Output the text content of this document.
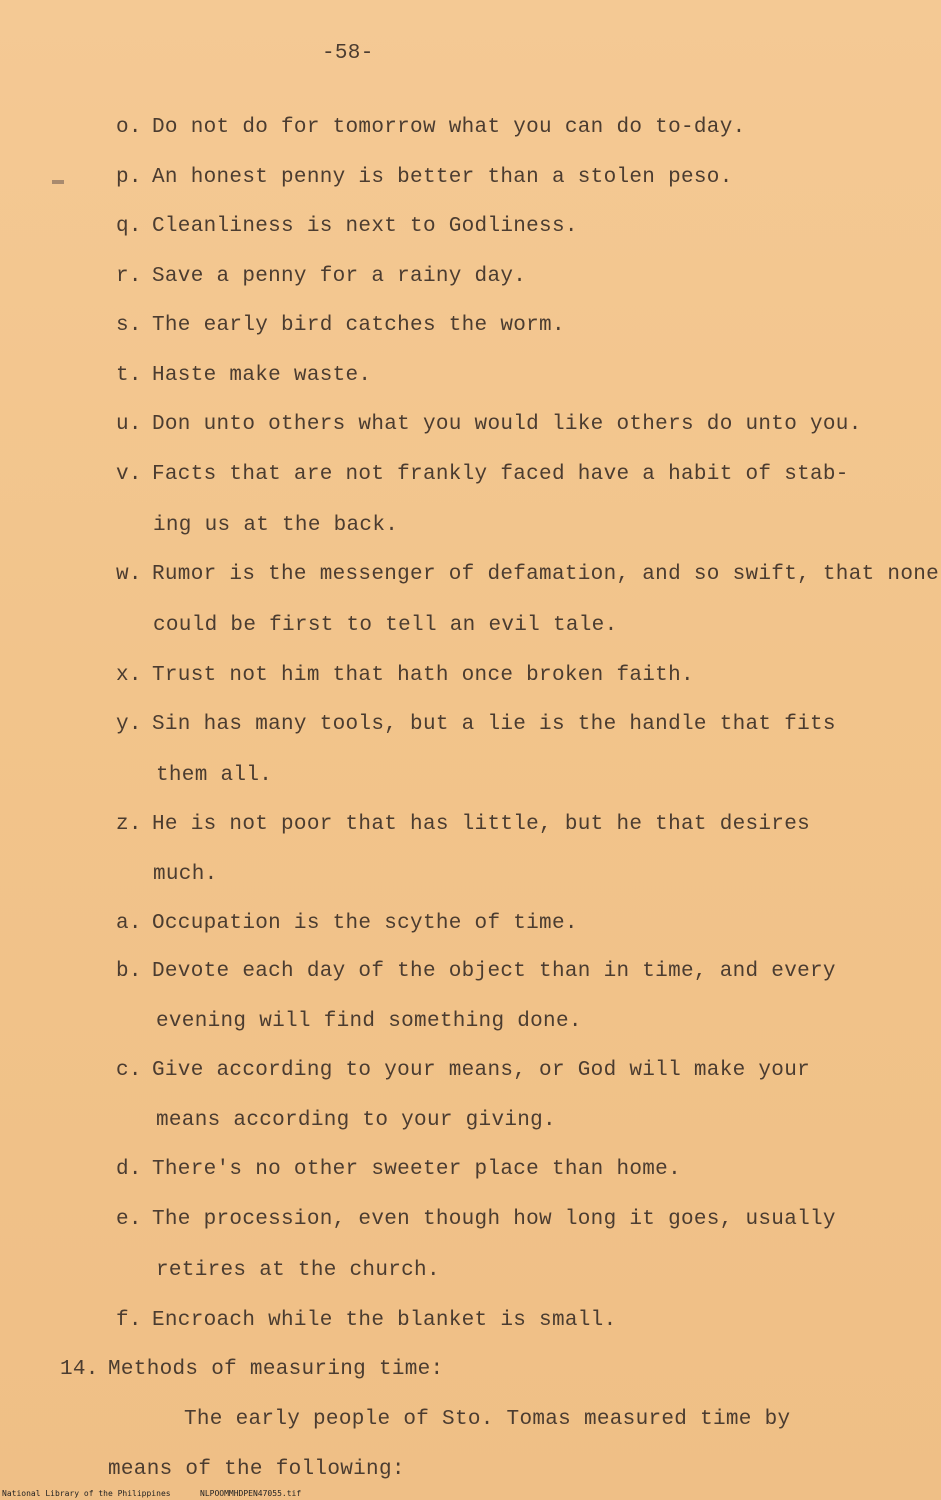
-58-
o. Do not do for tomorrow what you can do to-day.
p. An honest penny is better than a stolen peso.
q. Cleanliness is next to Godliness.
r. Save a penny for a rainy day.
s. The early bird catches the worm.
t. Haste make waste.
u. Don unto others what you would like others do unto you.
v. Facts that are not frankly faced have a habit of stab-
ing us at the back.
w. Rumor is the messenger of defamation, and so swift, that none
could be first to tell an evil tale.
x. Trust not him that hath once broken faith.
y. Sin has many tools, but a lie is the handle that fits
them all.
z. He is not poor that has little, but he that desires
much.
a. Occupation is the scythe of time.
b. Devote each day of the object than in time, and every
evening will find something done.
c. Give according to your means, or God will make your
means according to your giving.
d. There's no other sweeter place than home.
e. The procession, even though how long it goes, usually
retires at the church.
f. Encroach while the blanket is small.
14. Methods of measuring time:
The early people of Sto. Tomas measured time by
means of the following:
National Library of the Philippines	NLPOOMMHDPEN47055.tif
